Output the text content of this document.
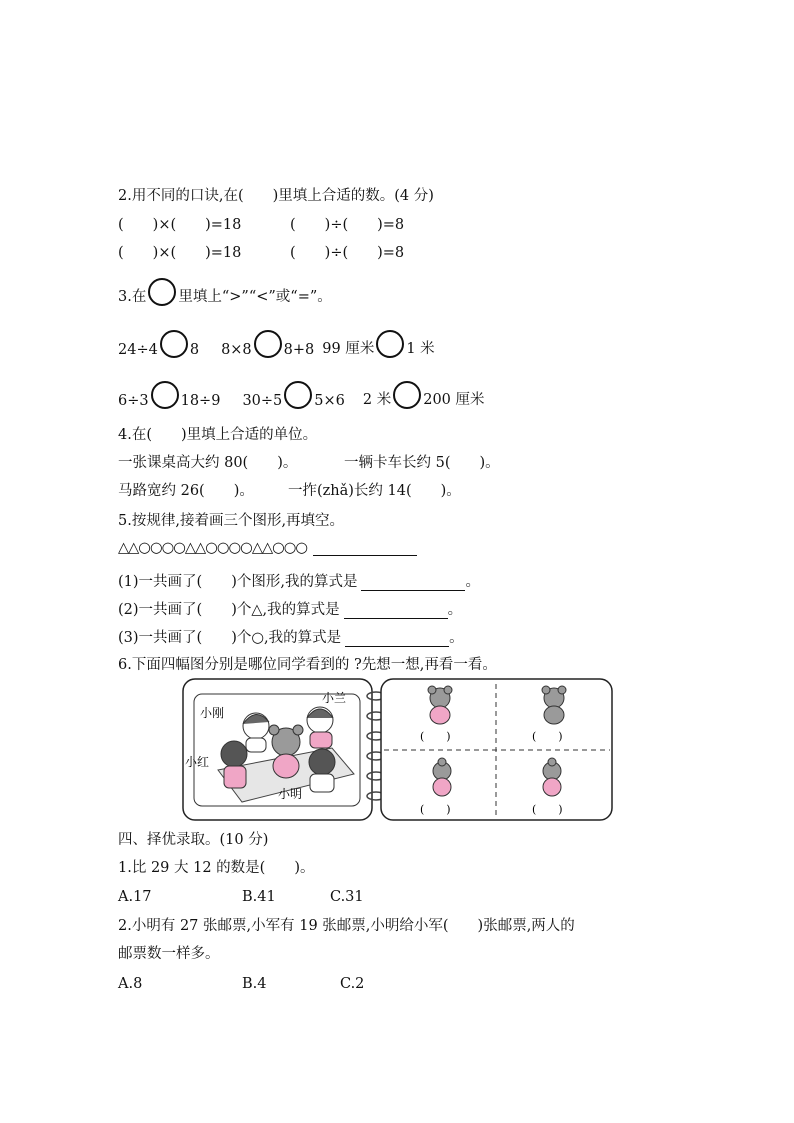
2.用不同的口诀,在(　　)里填上合适的数。(4 分)
(　　)×(　　)=18	(　　)÷(　　)=8
(　　)×(　　)=18	(　　)÷(　　)=8
3.在 里填上“>”“<”或“=”。
24÷4 8 8×8 8+8 99 厘米 1 米
6÷3 18÷9 30÷5 5×6 2 米 200 厘米
4.在(　　)里填上合适的单位。
一张课桌高大约 80(　　)。	一辆卡车长约 5(　　)。
马路宽约 26(　　)。 一拃(zhǎ)长约 14(　　)。
5.按规律,接着画三个图形,再填空。
△△○○○○△△○○○○△△○○○
(1)一共画了(　　)个图形,我的算式是	。
(2)一共画了(　　)个△,我的算式是	。
(3)一共画了(　　)个○,我的算式是	。
6.下面四幅图分别是哪位同学看到的 ?先想一想,再看一看。
小刚
小兰
小红
小明
(　　)	(　　)
(　　)	(　　)
四、择优录取。(10 分)
1.比 29 大 12 的数是(　　)。
A.17	B.41	C.31
2.小明有 27 张邮票,小军有 19 张邮票,小明给小军(　　)张邮票,两人的
邮票数一样多。
A.8	B.4	C.2
